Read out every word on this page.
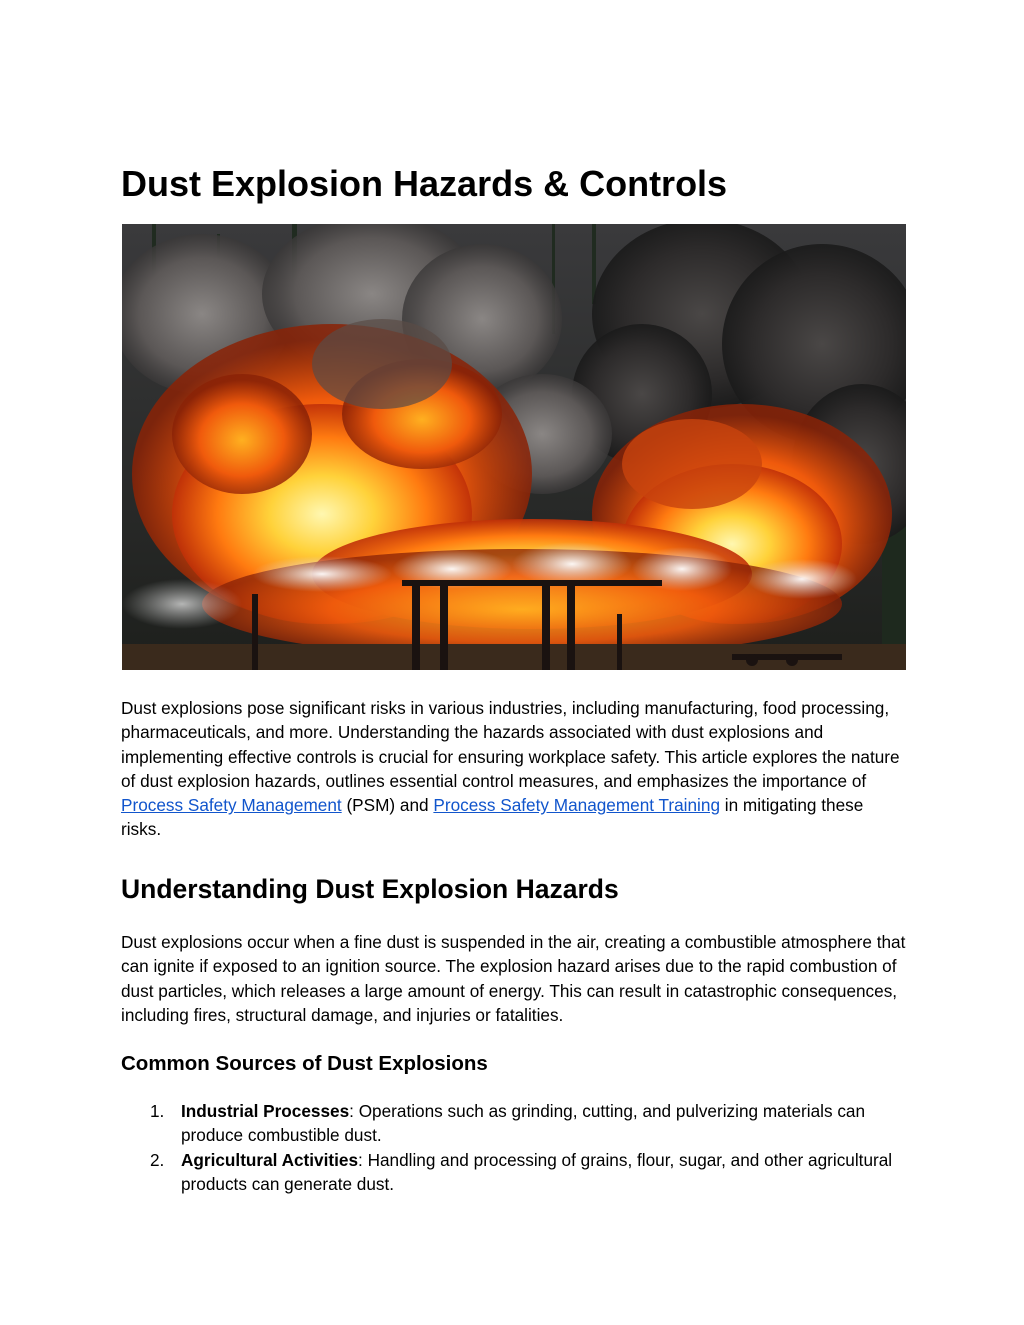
Dust Explosion Hazards & Controls

Dust explosions pose significant risks in various industries, including manufacturing, food processing, pharmaceuticals, and more. Understanding the hazards associated with dust explosions and implementing effective controls is crucial for ensuring workplace safety. This article explores the nature of dust explosion hazards, outlines essential control measures, and emphasizes the importance of Process Safety Management (PSM) and Process Safety Management Training in mitigating these risks.

Understanding Dust Explosion Hazards

Dust explosions occur when a fine dust is suspended in the air, creating a combustible atmosphere that can ignite if exposed to an ignition source. The explosion hazard arises due to the rapid combustion of dust particles, which releases a large amount of energy. This can result in catastrophic consequences, including fires, structural damage, and injuries or fatalities.

Common Sources of Dust Explosions
1. Industrial Processes: Operations such as grinding, cutting, and pulverizing materials can produce combustible dust.
2. Agricultural Activities: Handling and processing of grains, flour, sugar, and other agricultural products can generate dust.
